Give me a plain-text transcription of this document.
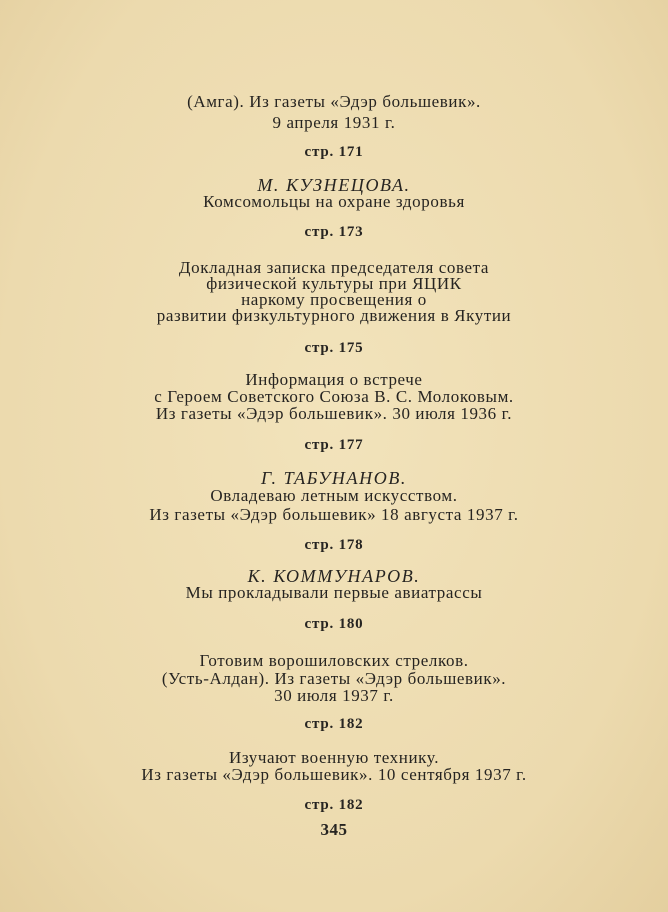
(Амга). Из газеты «Эдэр большевик».
9 апреля 1931 г.
стр. 171
М. КУЗНЕЦОВА.
Комсомольцы на охране здоровья
стр. 173
Докладная записка председателя совета
физической культуры при ЯЦИК
наркому просвещения о
развитии физкультурного движения в Якутии
стр. 175
Информация о встрече
с Героем Советского Союза В. С. Молоковым.
Из газеты «Эдэр большевик». 30 июля 1936 г.
стр. 177
Г. ТАБУНАНОВ.
Овладеваю летным искусством.
Из газеты «Эдэр большевик» 18 августа 1937 г.
стр. 178
К. КОММУНАРОВ.
Мы прокладывали первые авиатрассы
стр. 180
Готовим ворошиловских стрелков.
(Усть-Алдан). Из газеты «Эдэр большевик».
30 июля 1937 г.
стр. 182
Изучают военную технику.
Из газеты «Эдэр большевик». 10 сентября 1937 г.
стр. 182
345
